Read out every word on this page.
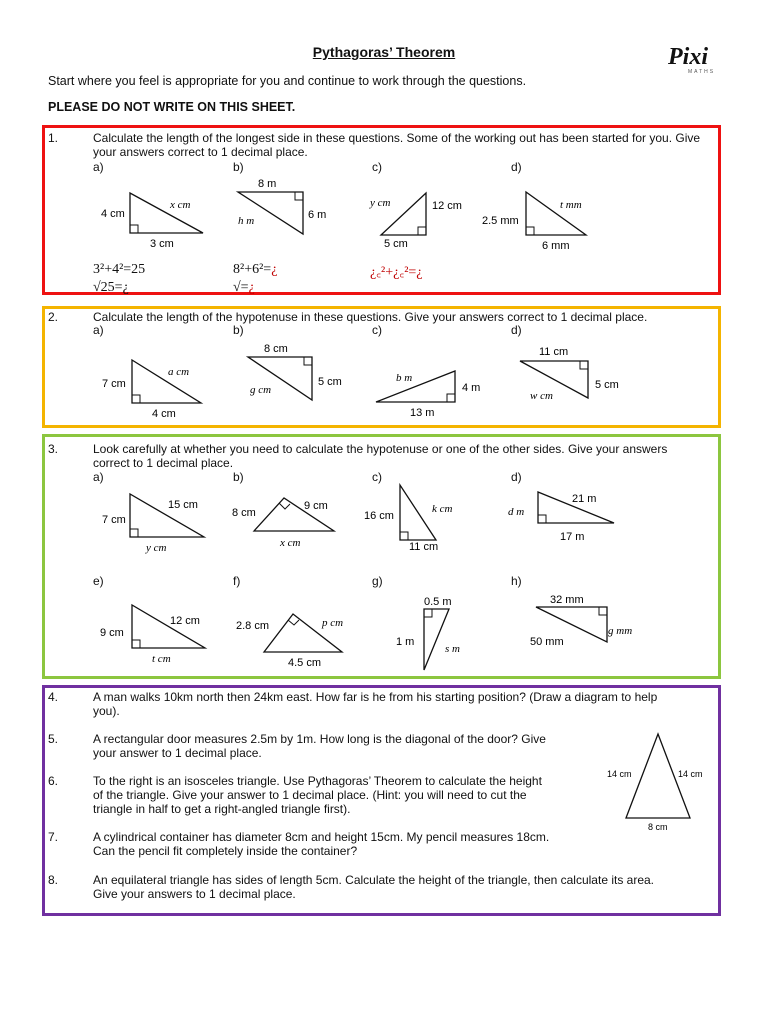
Pythagoras’ Theorem	Pixi
MATHS
Start where you feel is appropriate for you and continue to work through the questions.
PLEASE DO NOT WRITE ON THIS SHEET.
1.	Calculate the length of the longest side in these questions. Some of the working out has been started for you. Give your answers correct to 1 decimal place.
a)	b)	c)	d)
4 cm
3 cm
x cm
8 m
6 m
h m
y cm	12 cm
5 cm
2.5 mm
6 mm
t mm
3²+4²=25
√25=¿
8²+6²=¿
√=¿
¿꜀²+¿꜀²=¿
2.	Calculate the length of the hypotenuse in these questions. Give your answers correct to 1 decimal place.
a)	b)	c)	d)
7 cm
4 cm
a cm
8 cm
5 cm
g cm
b m
4 m
13 m
11 cm
5 cm
w cm
3.	Look carefully at whether you need to calculate the hypotenuse or one of the other sides. Give your answers
correct to 1 decimal place.
a)	b)	c)	d)
7 cm
y cm
15 cm
8 cm
9 cm
x cm
16 cm
11 cm
k cm	d m
17 m
21 m
e)	f)	g)	h)
9 cm
t cm
12 cm	2.8 cm	p cm
4.5 cm
0.5 m
1 m
s m
32 mm
g mm
50 mm
4.	A man walks 10km north then 24km east. How far is he from his starting position? (Draw a diagram to help
you).
5.	A rectangular door measures 2.5m by 1m. How long is the diagonal of the door? Give
your answer to 1 decimal place.
6.	To the right is an isosceles triangle. Use Pythagoras’ Theorem to calculate the height
of the triangle. Give your answer to 1 decimal place. (Hint: you will need to cut the
triangle in half to get a right-angled triangle first).
7.	A cylindrical container has diameter 8cm and height 15cm. My pencil measures 18cm.
Can the pencil fit completely inside the container?
8.	An equilateral triangle has sides of length 5cm. Calculate the height of the triangle, then calculate its area.
Give your answers to 1 decimal place.
14 cm	14 cm
8 cm
